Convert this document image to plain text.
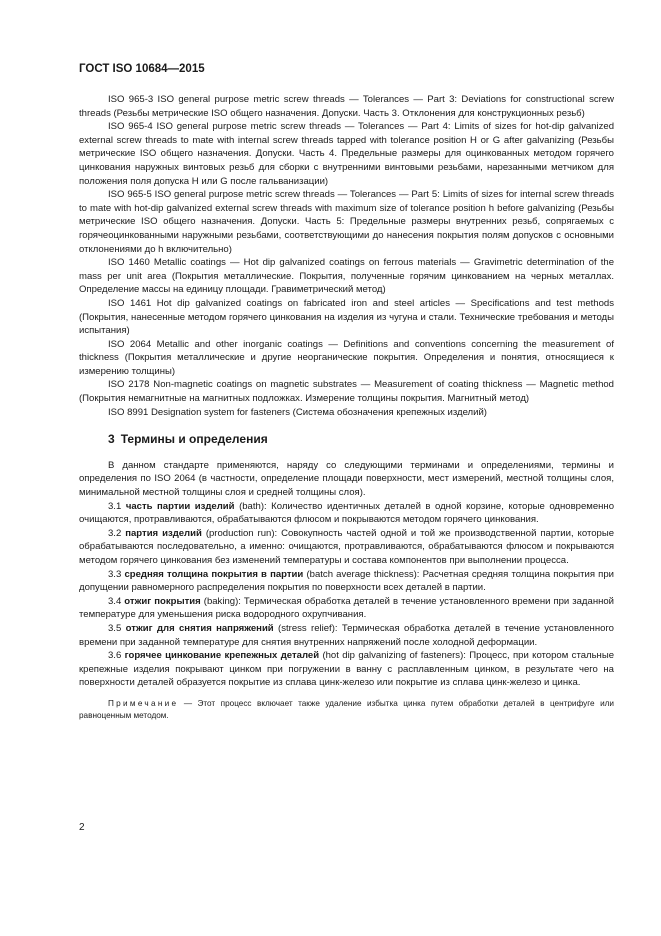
ГОСТ ISO 10684—2015

ISO 965-3 ISO general purpose metric screw threads — Tolerances — Part 3: Deviations for constructional screw threads (Резьбы метрические ISO общего назначения. Допуски. Часть 3. Отклонения для конструкционных резьб)

ISO 965-4 ISO general purpose metric screw threads — Tolerances — Part 4: Limits of sizes for hot-dip galvanized external screw threads to mate with internal screw threads tapped with tolerance position H or G after galvanizing (Резьбы метрические ISO общего назначения. Допуски. Часть 4. Предельные размеры для оцинкованных методом горячего цинкования наружных винтовых резьб для сборки с внутренними винтовыми резьбами, нарезанными метчиком для положения поля допуска Н или G после гальванизации)

ISO 965-5 ISO general purpose metric screw threads — Tolerances — Part 5: Limits of sizes for internal screw threads to mate with hot-dip galvanized external screw threads with maximum size of tolerance position h before galvanizing (Резьбы метрические ISO общего назначения. Допуски. Часть 5: Предельные размеры внутренних резьб, сопрягаемых с горячеоцинкованными наружными резьбами, соответствующими до нанесения покрытия полям допусков с основными отклонениями до h включительно)

ISO 1460 Metallic coatings — Hot dip galvanized coatings on ferrous materials — Gravimetric determination of the mass per unit area (Покрытия металлические. Покрытия, полученные горячим цинкованием на черных металлах. Определение массы на единицу площади. Гравиметрический метод)

ISO 1461 Hot dip galvanized coatings on fabricated iron and steel articles — Specifications and test methods (Покрытия, нанесенные методом горячего цинкования на изделия из чугуна и стали. Технические требования и методы испытания)

ISO 2064 Metallic and other inorganic coatings — Definitions and conventions concerning the measurement of thickness (Покрытия металлические и другие неорганические покрытия. Определения и понятия, относящиеся к измерению толщины)

ISO 2178 Non-magnetic coatings on magnetic substrates — Measurement of coating thickness — Magnetic method (Покрытия немагнитные на магнитных подложках. Измерение толщины покрытия. Магнитный метод)

ISO 8991 Designation system for fasteners (Система обозначения крепежных изделий)

3 Термины и определения

В данном стандарте применяются, наряду со следующими терминами и определениями, термины и определения по ISO 2064 (в частности, определение площади поверхности, мест измерений, местной толщины слоя, минимальной местной толщины слоя и средней толщины слоя).

3.1 часть партии изделий (bath): Количество идентичных деталей в одной корзине, которые одновременно очищаются, протравливаются, обрабатываются флюсом и покрываются методом горячего цинкования.

3.2 партия изделий (production run): Совокупность частей одной и той же производственной партии, которые обрабатываются последовательно, а именно: очищаются, протравливаются, обрабатываются флюсом и покрываются методом горячего цинкования без изменений температуры и состава компонентов при выполнении процесса.

3.3 средняя толщина покрытия в партии (batch average thickness): Расчетная средняя толщина покрытия при допущении равномерного распределения покрытия по поверхности всех деталей в партии.

3.4 отжиг покрытия (baking): Термическая обработка деталей в течение установленного времени при заданной температуре для уменьшения риска водородного охрупчивания.

3.5 отжиг для снятия напряжений (stress relief): Термическая обработка деталей в течение установленного времени при заданной температуре для снятия внутренних напряжений после холодной деформации.

3.6 горячее цинкование крепежных деталей (hot dip galvanizing of fasteners): Процесс, при котором стальные крепежные изделия покрывают цинком при погружении в ванну с расплавленным цинком, в результате чего на поверхности деталей образуется покрытие из сплава цинк-железо или покрытие из сплава цинк-железо и цинка.

Примечание — Этот процесс включает также удаление избытка цинка путем обработки деталей в центрифуге или равноценным методом.

2
